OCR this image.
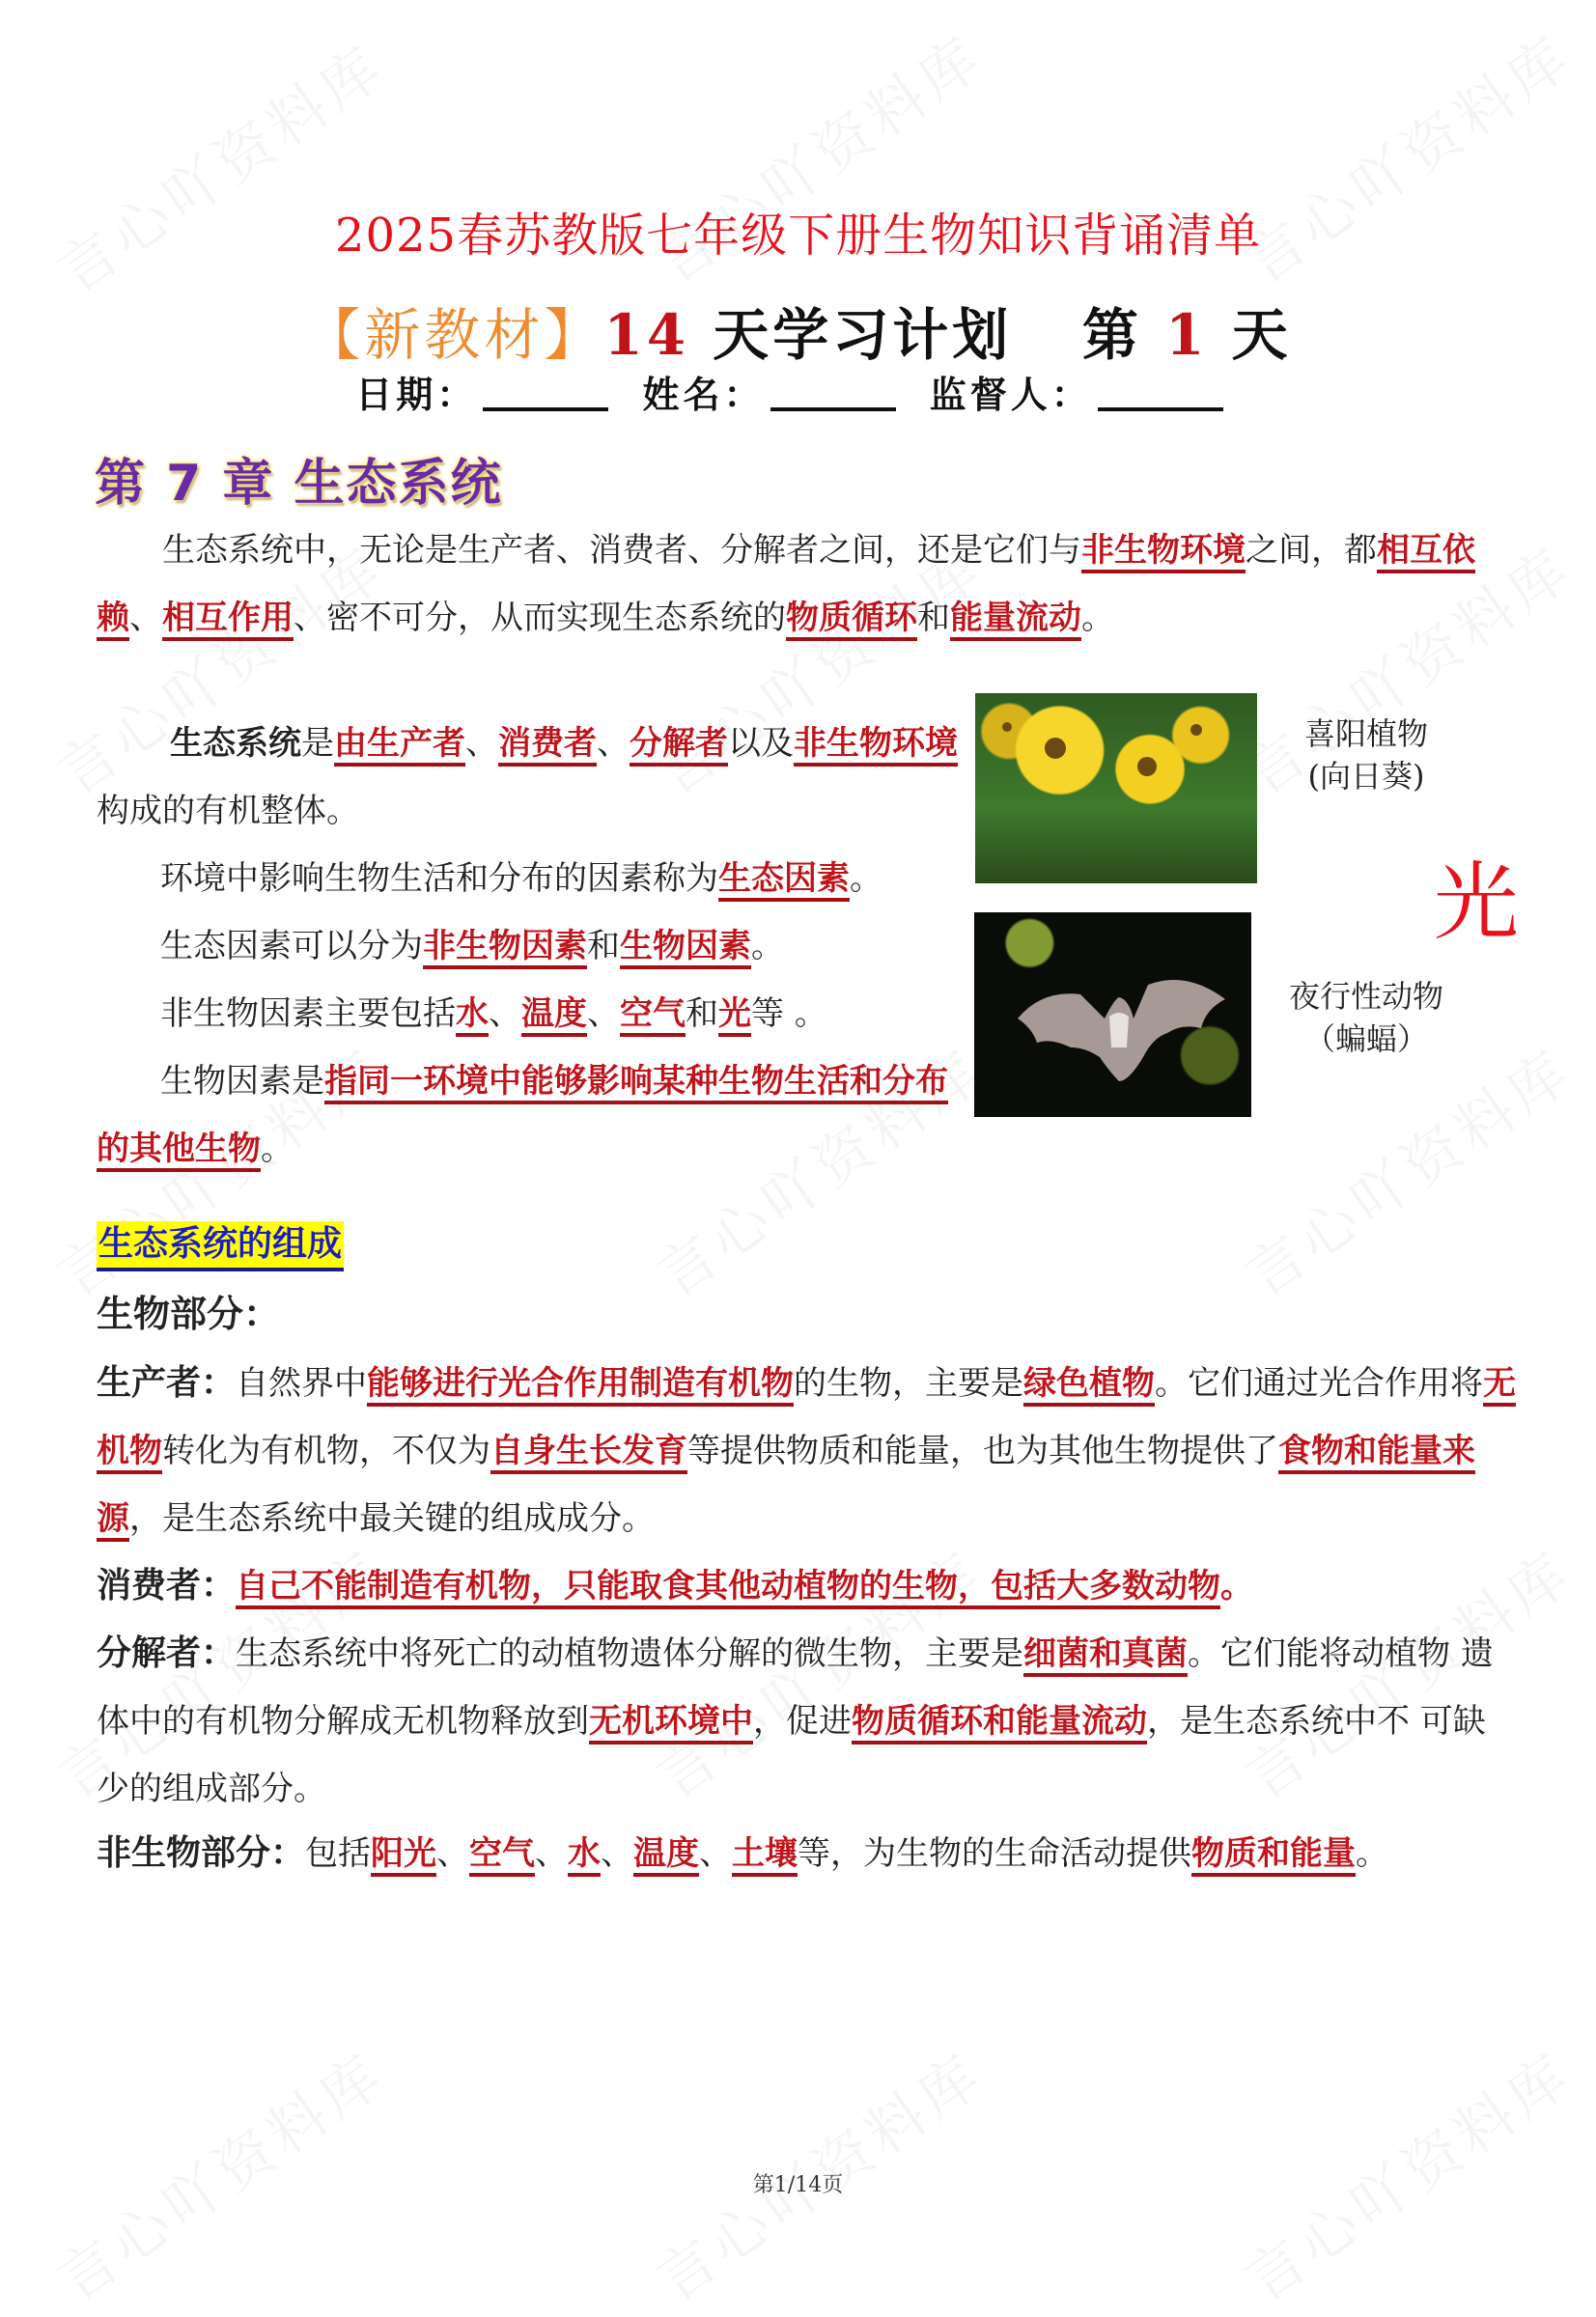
2025春苏教版七年级下册生物知识背诵清单
【新教材】14 天学习计划 第 1 天
日期：	姓名：	监督人：
第 7 章 生态系统
生态系统中，无论是生产者、消费者、分解者之间，还是它们与非生物环境之间，都相互依赖、相互作用、密不可分，从而实现生态系统的物质循环和能量流动。
生态系统是由生产者、消费者、分解者以及非生物环境构成的有机整体。
环境中影响生物生活和分布的因素称为生态因素。
生态因素可以分为非生物因素和生物因素。
非生物因素主要包括水、温度、空气和光等 。
生物因素是指同一环境中能够影响某种生物生活和分布的其他生物。
喜阳植物
(向日葵)
夜行性动物
（蝙蝠）
光
生态系统的组成
生物部分：
生产者：自然界中能够进行光合作用制造有机物的生物，主要是绿色植物。它们通过光合作用将无机物转化为有机物，不仅为自身生长发育等提供物质和能量，也为其他生物提供了食物和能量来源，是生态系统中最关键的组成成分。
消费者：自己不能制造有机物，只能取食其他动植物的生物，包括大多数动物。
分解者：生态系统中将死亡的动植物遗体分解的微生物，主要是细菌和真菌。它们能将动植物 遗体中的有机物分解成无机物释放到无机环境中，促进物质循环和能量流动，是生态系统中不 可缺少的组成部分。
非生物部分：包括阳光、空气、水、温度、土壤等，为生物的生命活动提供物质和能量。
第1/14页
